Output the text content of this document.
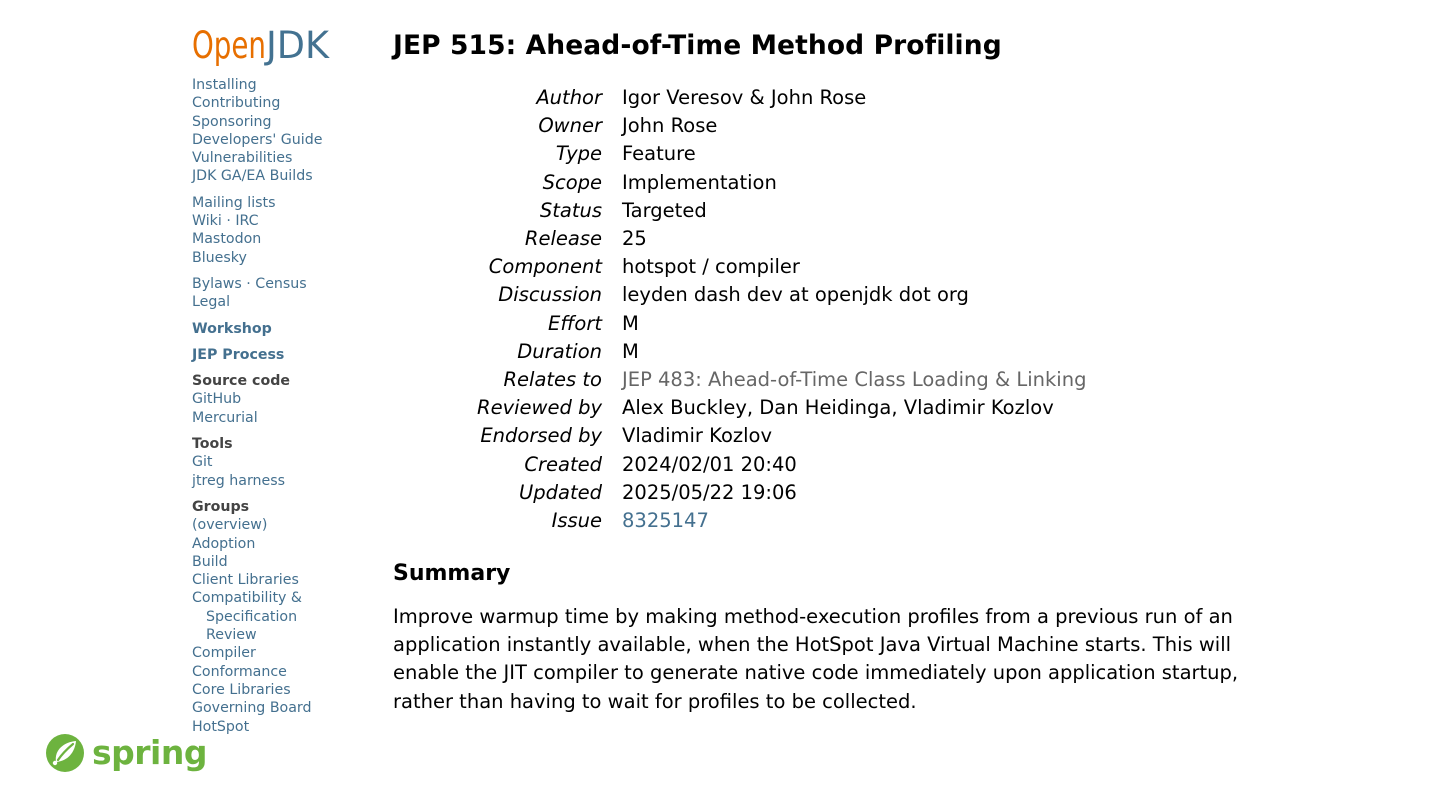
Open
JDK
Installing
Contributing
Sponsoring
Developers' Guide
Vulnerabilities
JDK GA/EA Builds
Mailing lists
Wiki · IRC
Mastodon
Bluesky
Bylaws · Census
Legal
Workshop
JEP Process
Source code
GitHub
Mercurial
Tools
Git
jtreg harness
Groups
(overview)
Adoption
Build
Client Libraries
Compatibility &
Specification
Review
Compiler
Conformance
Core Libraries
Governing Board
HotSpot
JEP 515: Ahead-of-Time Method Profiling
Author	Igor Veresov & John Rose
Owner	John Rose
Type	Feature
Scope	Implementation
Status	Targeted
Release	25
Component	hotspot / compiler
Discussion	leyden dash dev at openjdk dot org
Effort	M
Duration	M
Relates to	JEP 483: Ahead-of-Time Class Loading & Linking
Reviewed by	Alex Buckley, Dan Heidinga, Vladimir Kozlov
Endorsed by	Vladimir Kozlov
Created	2024/02/01 20:40
Updated	2025/05/22 19:06
Issue	8325147
Summary

Improve warmup time by making method-execution profiles from a previous run of an application instantly available, when the HotSpot Java Virtual Machine starts. This will enable the JIT compiler to generate native code immediately upon application startup, rather than having to wait for profiles to be collected.

spring
